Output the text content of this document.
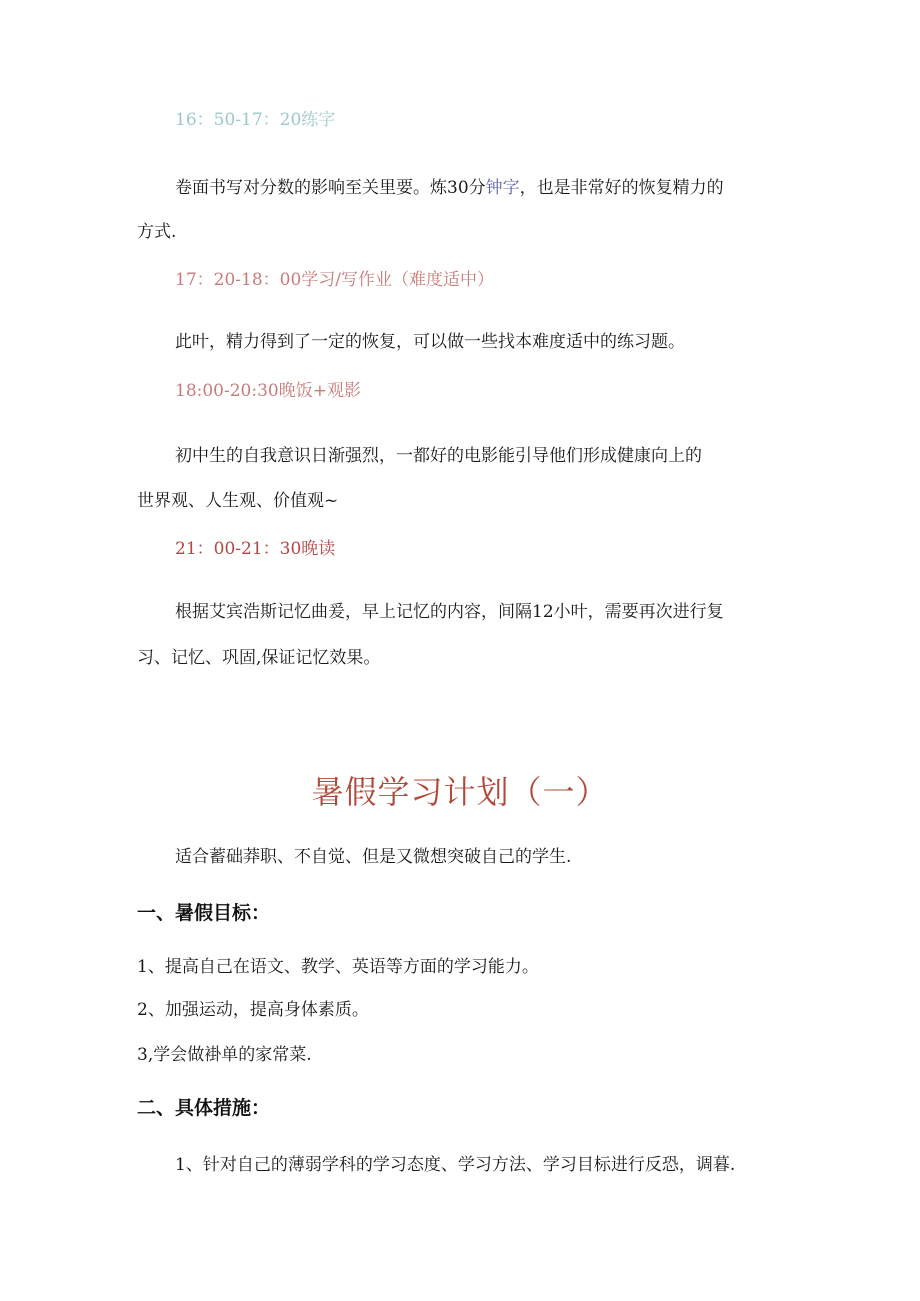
16：50-17：20练字
卷面书写对分数的影响至关里要。炼30分钟字，也是非常好的恢复精力的
方式.
17：20-18：00学习/写作业（难度适中）
此叶，精力得到了一定的恢复，可以做一些找本难度适中的练习题。
18:00-20:30晚饭+观影
初中生的自我意识日渐强烈，一都好的电影能引导他们形成健康向上的
世界观、人生观、价值观~
21：00-21：30晚读
根据艾宾浩斯记忆曲爰，早上记忆的内容，间隔12小叶，需要再次进行复
习、记忆、巩固,保证记忆效果。
暑假学习计划（一）
适合蓄础莽职、不自觉、但是又微想突破自己的学生.
一、暑假目标：
1、提高自己在语文、教学、英语等方面的学习能力。
2、加强运动，提高身体素质。
3,学会做褂单的家常菜.
二、具体措施：
1、针对自己的薄弱学科的学习态度、学习方法、学习目标进行反恐，调暮.
